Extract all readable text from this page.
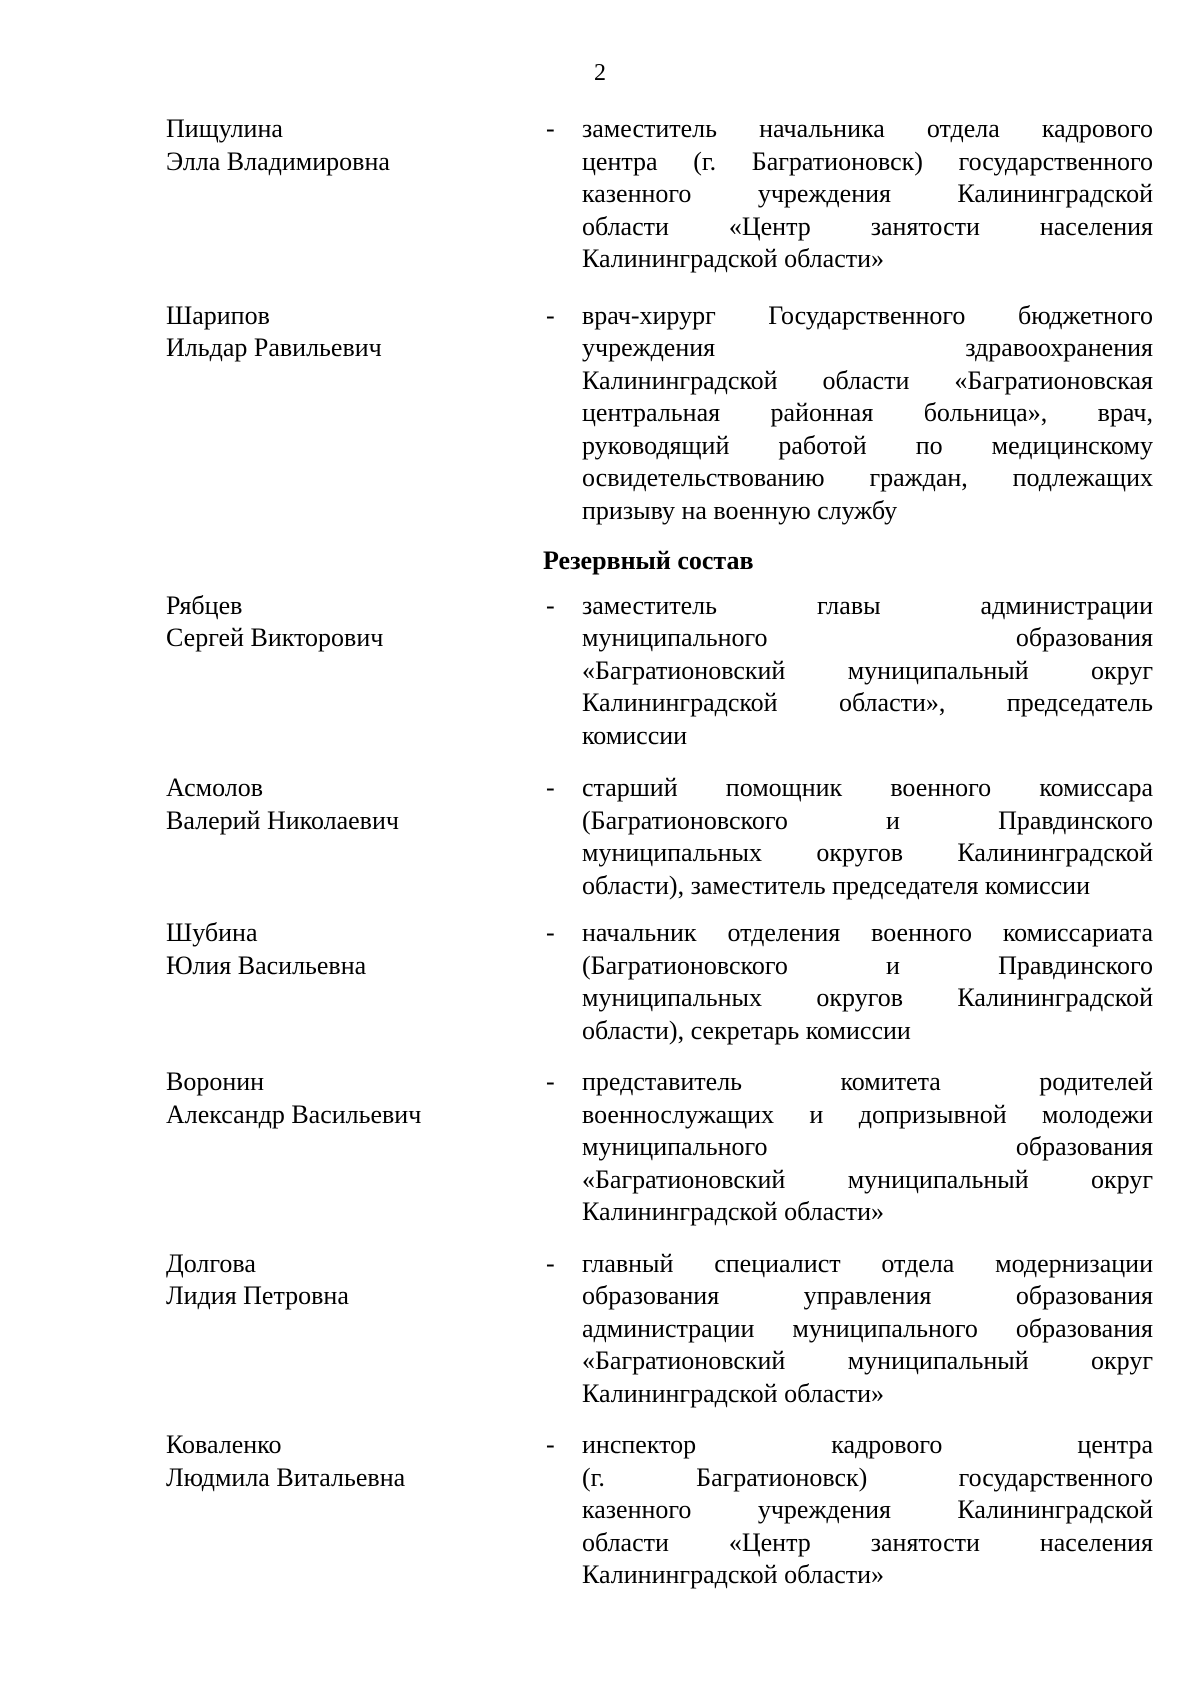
2
Пищулина
Элла Владимировна
- заместитель начальника отдела кадрового
центра (г. Багратионовск) государственного
казенного учреждения Калининградской
области «Центр занятости населения
Калининградской области»
Шарипов
Ильдар Равильевич
- врач-хирург Государственного бюджетного
учреждения здравоохранения
Калининградской области «Багратионовская
центральная районная больница», врач,
руководящий работой по медицинскому
освидетельствованию граждан, подлежащих
призыву на военную службу
Резервный состав
Рябцев
Сергей Викторович
- заместитель главы администрации
муниципального образования
«Багратионовский муниципальный округ
Калининградской области», председатель
комиссии
Асмолов
Валерий Николаевич
- старший помощник военного комиссара
(Багратионовского и Правдинского
муниципальных округов Калининградской
области), заместитель председателя комиссии
Шубина
Юлия Васильевна
- начальник отделения военного комиссариата
(Багратионовского и Правдинского
муниципальных округов Калининградской
области), секретарь комиссии
Воронин
Александр Васильевич
- представитель комитета родителей
военнослужащих и допризывной молодежи
муниципального образования
«Багратионовский муниципальный округ
Калининградской области»
Долгова
Лидия Петровна
- главный специалист отдела модернизации
образования управления образования
администрации муниципального образования
«Багратионовский муниципальный округ
Калининградской области»
Коваленко
Людмила Витальевна
- инспектор кадрового центра
(г. Багратионовск) государственного
казенного учреждения Калининградской
области «Центр занятости населения
Калининградской области»
